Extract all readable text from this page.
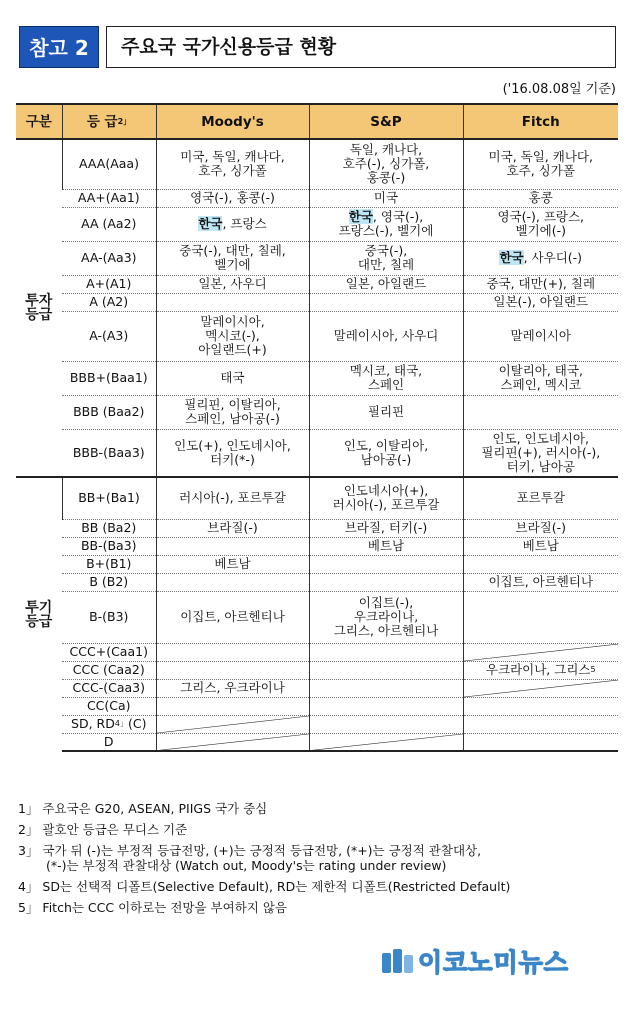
참고 2	주요국 국가신용등급 현황
('16.08.08일 기준)
구분	등 급$^{2」}$	Moody's	S&P	Fitch
투자
등급	AAA(Aaa)	미국, 독일, 캐나다,
호주, 싱가폴	독일, 캐나다,
호주(-), 싱가폴,
홍콩(-)	미국, 독일, 캐나다,
호주, 싱가폴
	AA+(Aa1)	영국(-), 홍콩(-)	미국	홍콩
	AA (Aa2)	한국, 프랑스	한국, 영국(-),
프랑스(-), 벨기에	영국(-), 프랑스,
벨기에(-)
	AA-(Aa3)	중국(-), 대만, 칠레,
벨기에	중국(-),
대만, 칠레	한국, 사우디(-)
	A+(A1)	일본, 사우디	일본, 아일랜드	중국, 대만(+), 칠레
	A (A2)			일본(-), 아일랜드
	A-(A3)	말레이시아,
멕시코(-),
아일랜드(+)	말레이시아, 사우디	말레이시아
	BBB+(Baa1)	태국	멕시코, 태국,
스페인	이탈리아, 태국,
스페인, 멕시코
	BBB (Baa2)	필리핀, 이탈리아,
스페인, 남아공(-)	필리핀	
	BBB-(Baa3)	인도(+), 인도네시아,
터키(*-)	인도, 이탈리아,
남아공(-)	인도, 인도네시아,
필리핀(+), 러시아(-),
터키, 남아공
투기
등급	BB+(Ba1)	러시아(-), 포르투갈	인도네시아(+),
러시아(-), 포르투갈	포르투갈
	BB (Ba2)	브라질(-)	브라질, 터키(-)	브라질(-)
	BB-(Ba3)		베트남	베트남
	B+(B1)	베트남		
	B (B2)			이집트, 아르헨티나
	B-(B3)	이집트, 아르헨티나	이집트(-),
우크라이나,
그리스, 아르헨티나	
	CCC+(Caa1)			

	CCC (Caa2)			우크라이나, 그리스$^5$
	CCC-(Caa3)	그리스, 우크라이나		

	CC(Ca)			
	SD, $RD^{4」}(C)$	

	D	

1」 주요국은 G20, ASEAN, PIIGS 국가 중심
2」 괄호안 등급은 무디스 기준
3」 국가 뒤 (-)는 부정적 등급전망, (+)는 긍정적 등급전망, (*+)는 긍정적 관찰대상,
(*-)는 부정적 관찰대상 (Watch out, Moody's는 rating under review)
4」 SD는 선택적 디폴트(Selective Default), RD는 제한적 디폴트(Restricted Default)
5」 Fitch는 CCC 이하로는 전망을 부여하지 않음
이코노미뉴스
